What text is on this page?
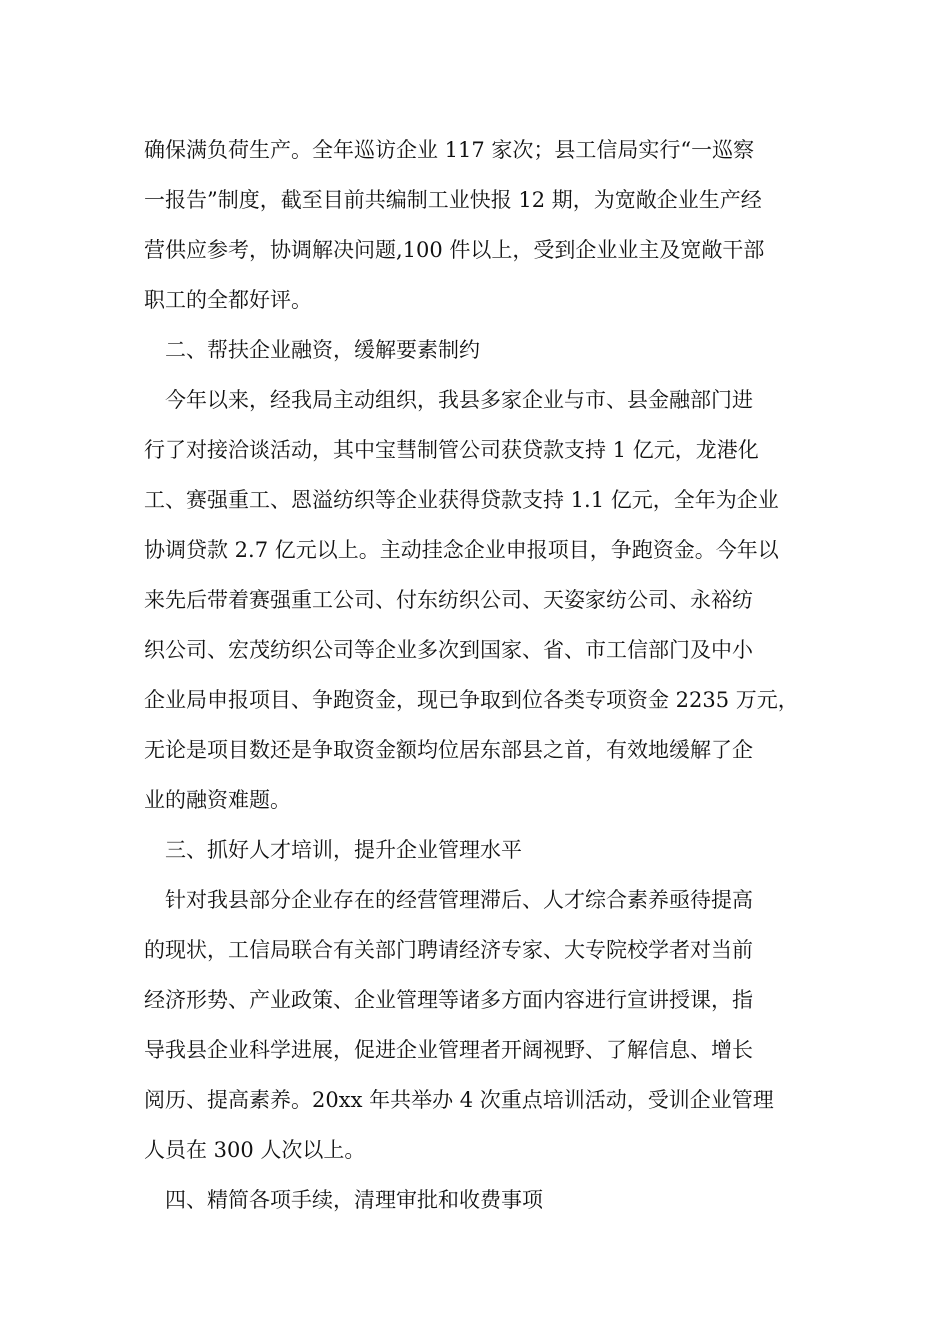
确保满负荷生产。全年巡访企业 117 家次；县工信局实行“一巡察
一报告”制度，截至目前共编制工业快报 12 期，为宽敞企业生产经
营供应参考，协调解决问题,100 件以上，受到企业业主及宽敞干部
职工的全都好评。
二、帮扶企业融资，缓解要素制约
今年以来，经我局主动组织，我县多家企业与市、县金融部门进
行了对接洽谈活动，其中宝彗制管公司获贷款支持 1 亿元，龙港化
工、赛强重工、恩溢纺织等企业获得贷款支持 1.1 亿元，全年为企业
协调贷款 2.7 亿元以上。主动挂念企业申报项目，争跑资金。今年以
来先后带着赛强重工公司、付东纺织公司、天姿家纺公司、永裕纺
织公司、宏茂纺织公司等企业多次到国家、省、市工信部门及中小
企业局申报项目、争跑资金，现已争取到位各类专项资金 2235 万元，
无论是项目数还是争取资金额均位居东部县之首，有效地缓解了企
业的融资难题。
三、抓好人才培训，提升企业管理水平
针对我县部分企业存在的经营管理滞后、人才综合素养亟待提高
的现状，工信局联合有关部门聘请经济专家、大专院校学者对当前
经济形势、产业政策、企业管理等诸多方面内容进行宣讲授课，指
导我县企业科学进展，促进企业管理者开阔视野、了解信息、增长
阅历、提高素养。20xx 年共举办 4 次重点培训活动，受训企业管理
人员在 300 人次以上。
四、精简各项手续，清理审批和收费事项
